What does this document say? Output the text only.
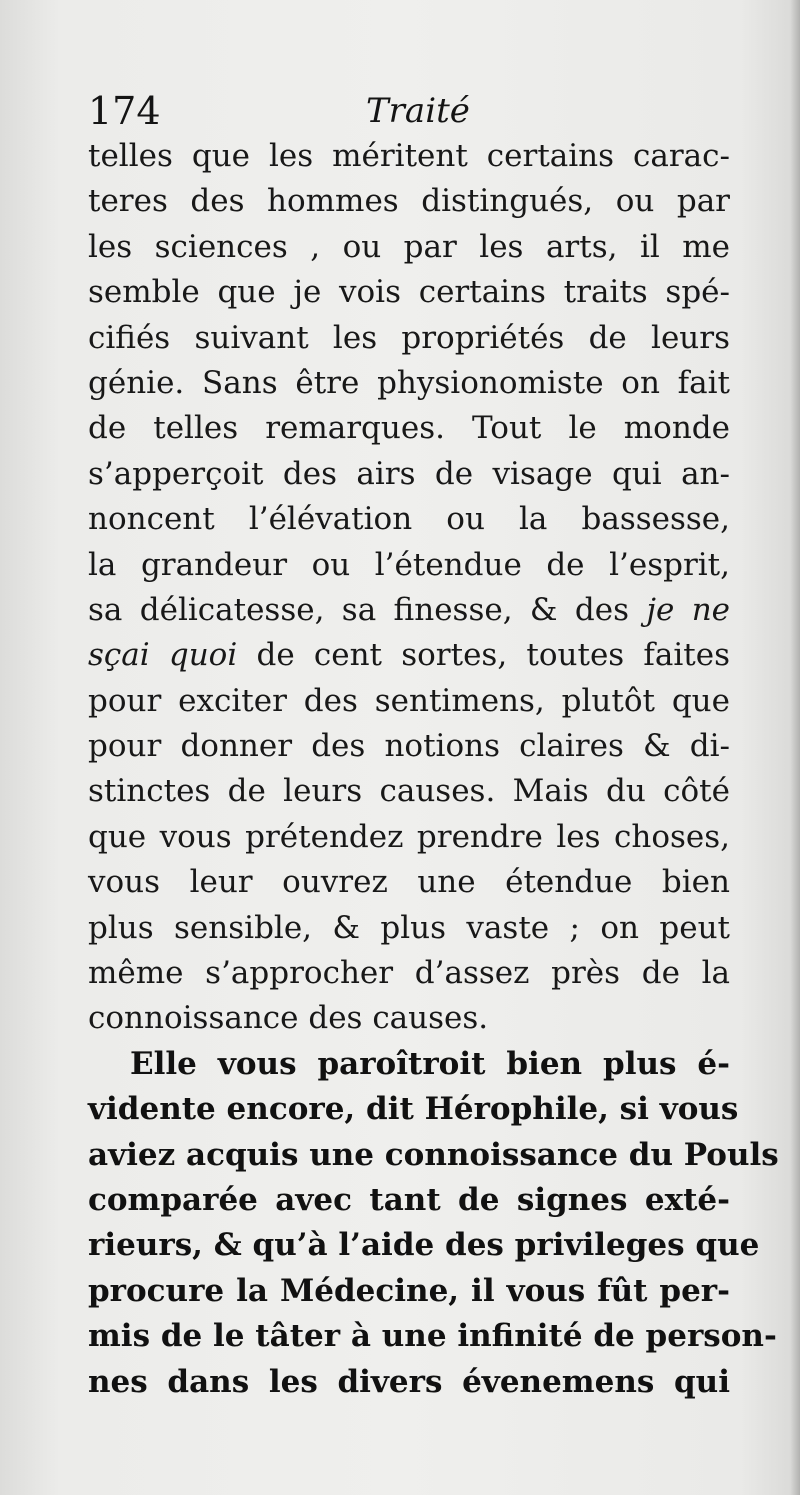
174	Traité
telles que les méritent certains carac-
teres des hommes distingués, ou par
les sciences , ou par les arts, il me
semble que je vois certains traits spé-
cifiés suivant les propriétés de leurs
génie. Sans être physionomiste on fait
de telles remarques. Tout le monde
s’apperçoit des airs de visage qui an-
noncent l’élévation ou la bassesse,
la grandeur ou l’étendue de l’esprit,
sa délicatesse, sa finesse, & des je ne
sçai quoi de cent sortes, toutes faites
pour exciter des sentimens, plutôt que
pour donner des notions claires & di-
stinctes de leurs causes. Mais du côté
que vous prétendez prendre les choses,
vous leur ouvrez une étendue bien
plus sensible, & plus vaste ; on peut
même s’approcher d’assez près de la
connoissance des causes.
Elle vous paroîtroit bien plus é-
vidente encore, dit Hérophile, si vous
aviez acquis une connoissance du Pouls
comparée avec tant de signes exté-
rieurs, & qu’à l’aide des privileges que
procure la Médecine, il vous fût per-
mis de le tâter à une infinité de person-
nes dans les divers évenemens qui
